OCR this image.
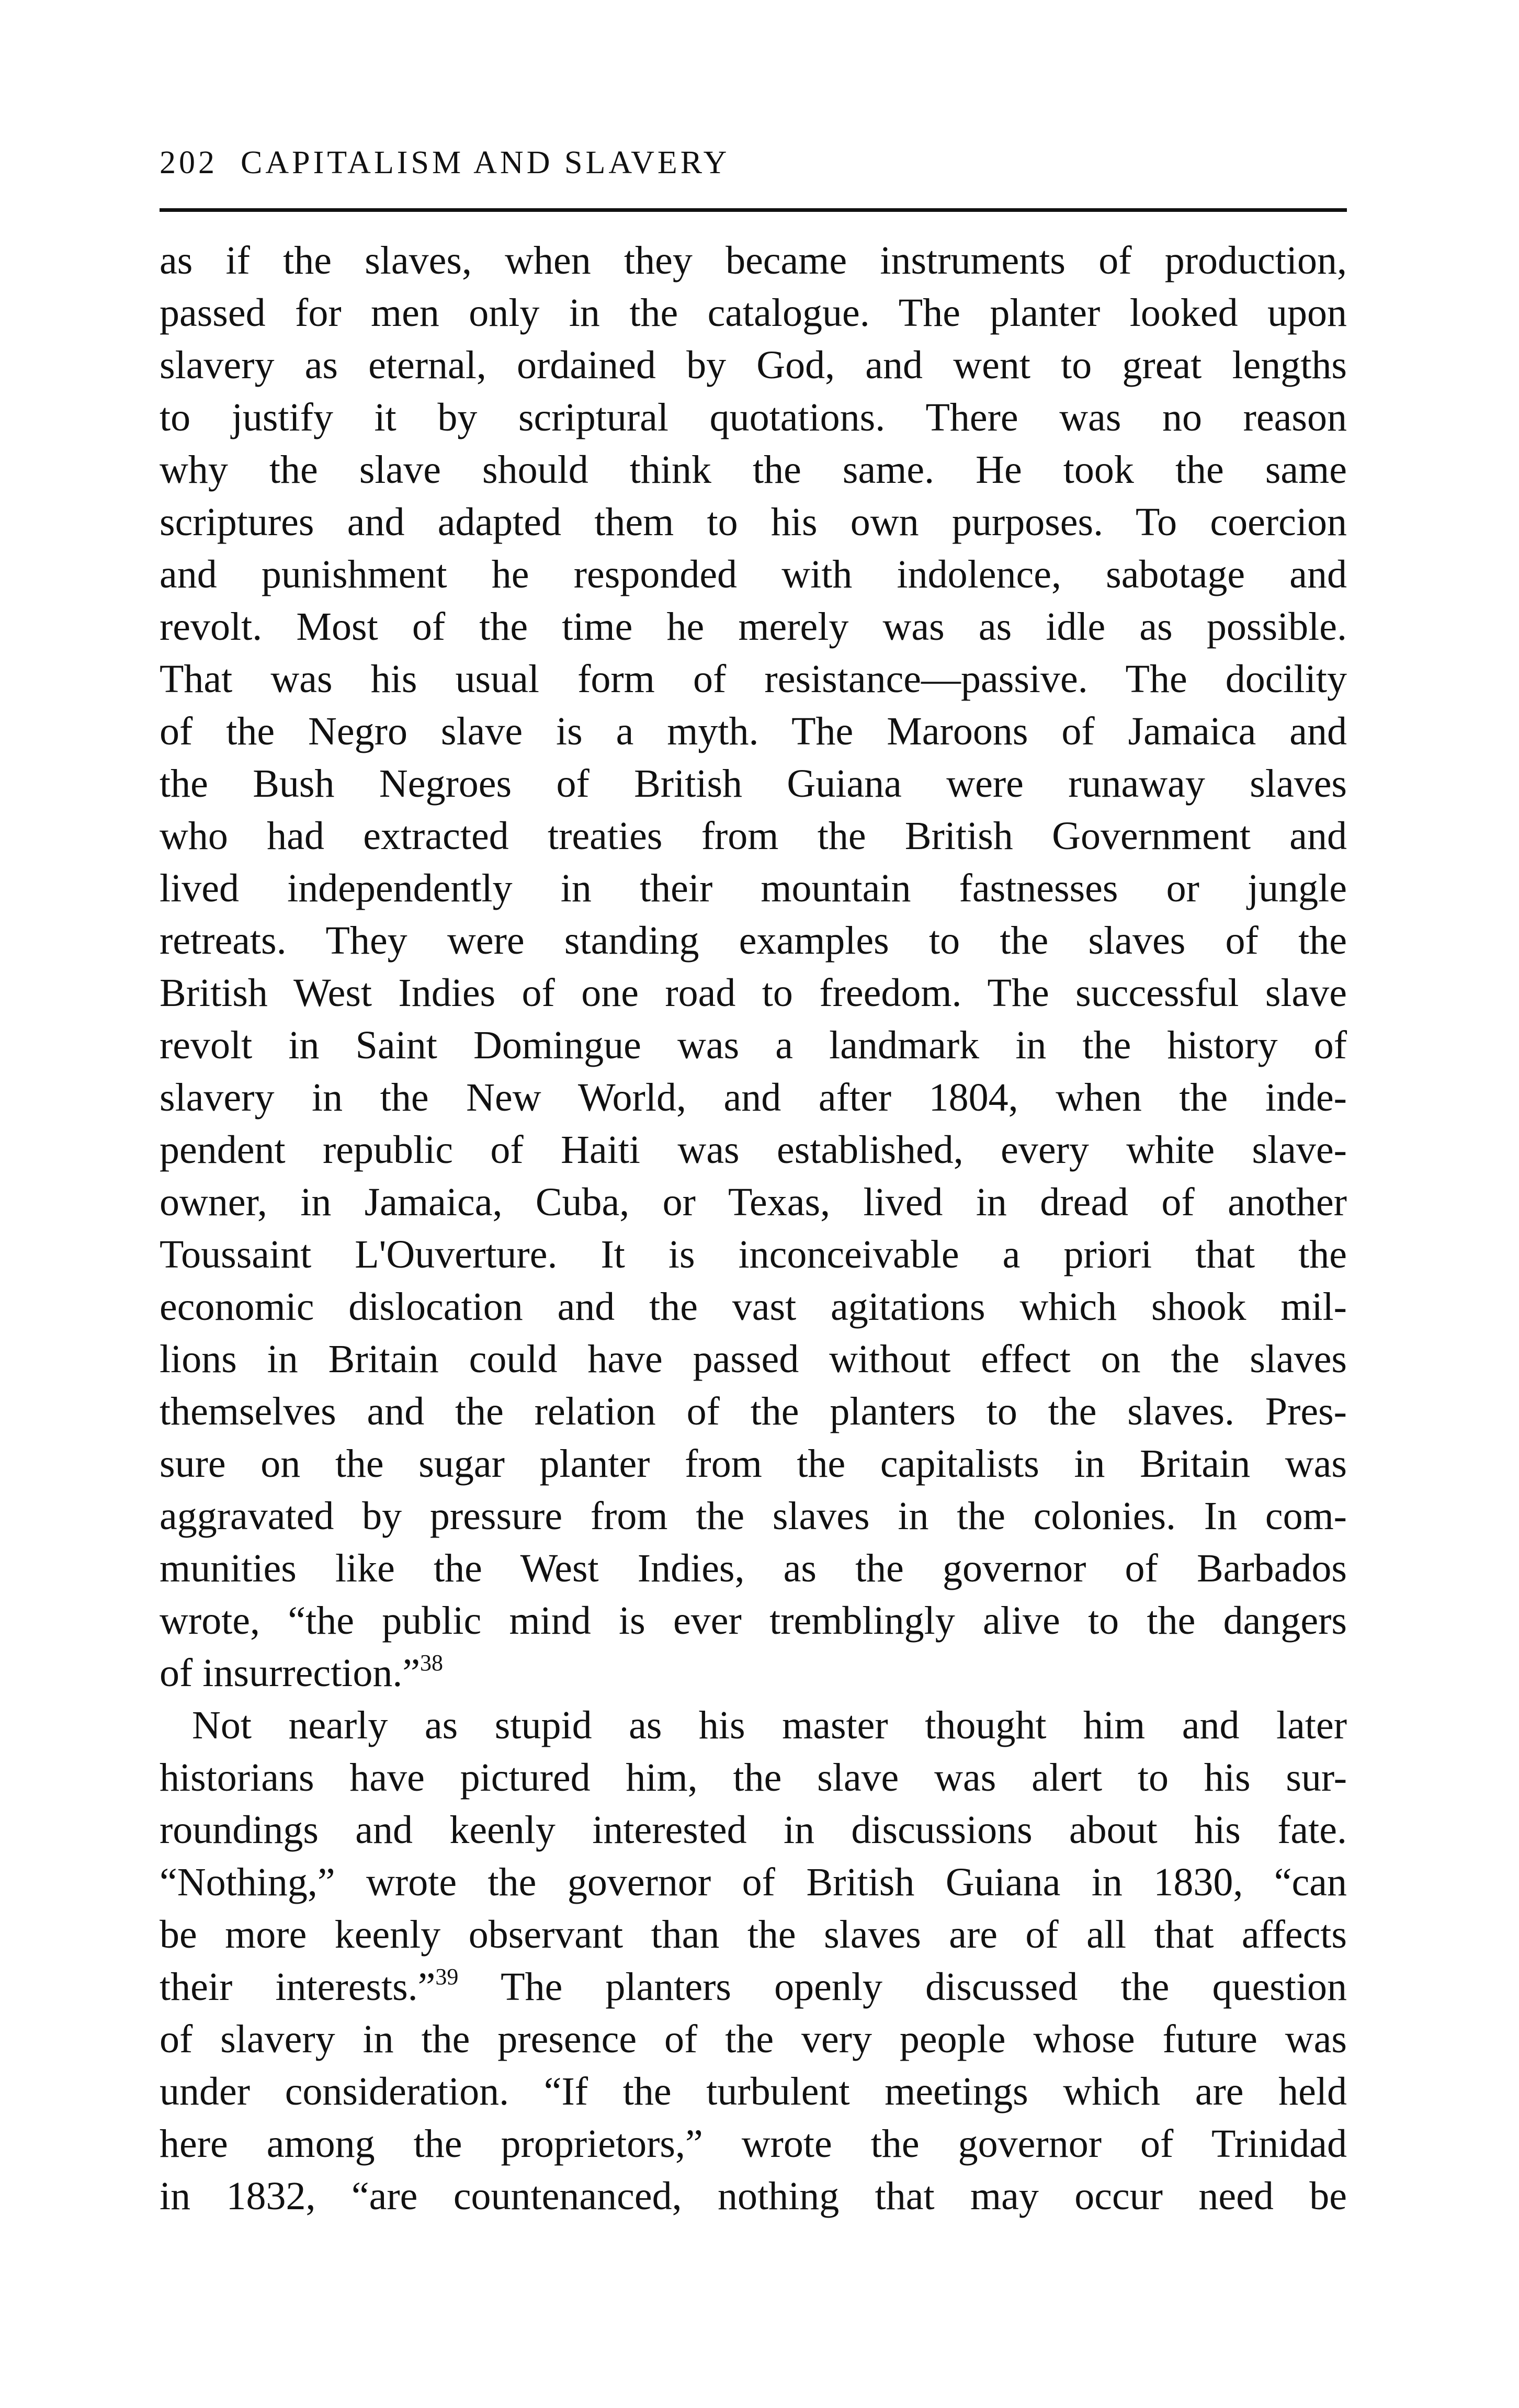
202 CAPITALISM AND SLAVERY
as if the slaves, when they became instruments of production,
passed for men only in the catalogue. The planter looked upon
slavery as eternal, ordained by God, and went to great lengths
to justify it by scriptural quotations. There was no reason
why the slave should think the same. He took the same
scriptures and adapted them to his own purposes. To coercion
and punishment he responded with indolence, sabotage and
revolt. Most of the time he merely was as idle as possible.
That was his usual form of resistance—passive. The docility
of the Negro slave is a myth. The Maroons of Jamaica and
the Bush Negroes of British Guiana were runaway slaves
who had extracted treaties from the British Government and
lived independently in their mountain fastnesses or jungle
retreats. They were standing examples to the slaves of the
British West Indies of one road to freedom. The successful slave
revolt in Saint Domingue was a landmark in the history of
slavery in the New World, and after 1804, when the inde-
pendent republic of Haiti was established, every white slave-
owner, in Jamaica, Cuba, or Texas, lived in dread of another
Toussaint L'Ouverture. It is inconceivable a priori that the
economic dislocation and the vast agitations which shook mil-
lions in Britain could have passed without effect on the slaves
themselves and the relation of the planters to the slaves. Pres-
sure on the sugar planter from the capitalists in Britain was
aggravated by pressure from the slaves in the colonies. In com-
munities like the West Indies, as the governor of Barbados
wrote, “the public mind is ever tremblingly alive to the dangers
of insurrection.”$^{38}$
Not nearly as stupid as his master thought him and later
historians have pictured him, the slave was alert to his sur-
roundings and keenly interested in discussions about his fate.
“Nothing,” wrote the governor of British Guiana in 1830, “can
be more keenly observant than the slaves are of all that affects
their interests.”$^{39}$ The planters openly discussed the question
of slavery in the presence of the very people whose future was
under consideration. “If the turbulent meetings which are held
here among the proprietors,” wrote the governor of Trinidad
in 1832, “are countenanced, nothing that may occur need be
